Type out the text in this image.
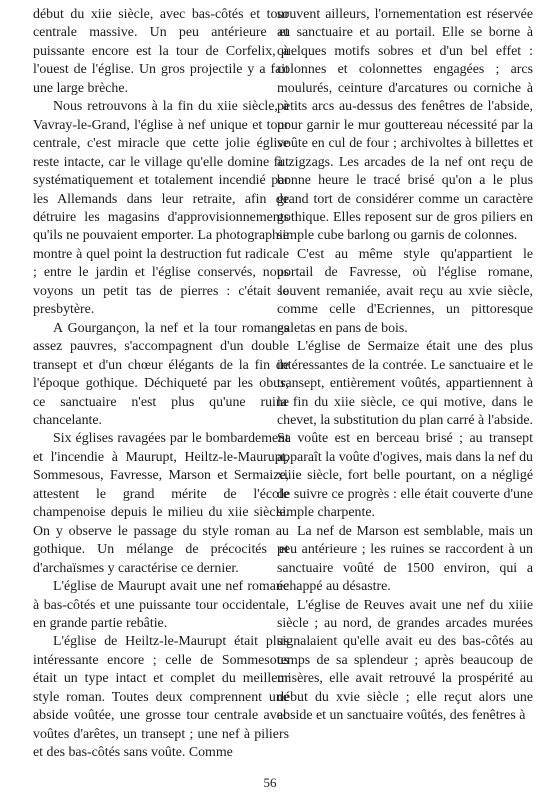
début du xiie siècle, avec bas-côtés et tour centrale massive. Un peu antérieure et puissante encore est la tour de Corfelix, à l'ouest de l'église. Un gros projectile y a fait une large brèche.

Nous retrouvons à la fin du xiie siècle, à Vavray-le-Grand, l'église à nef unique et tour centrale, c'est miracle que cette jolie église reste intacte, car le village qu'elle domine fut systématiquement et totalement incendié par les Allemands dans leur retraite, afin de détruire les magasins d'approvisionnements qu'ils ne pouvaient emporter. La photographie montre à quel point la destruction fut radicale ; entre le jardin et l'église conservés, nous voyons un petit tas de pierres : c'était le presbytère.

A Gourgançon, la nef et la tour romanes assez pauvres, s'accompagnent d'un double transept et d'un chœur élégants de la fin de l'époque gothique. Déchiqueté par les obus, ce sanctuaire n'est plus qu'une ruine chancelante.

Six églises ravagées par le bombardement et l'incendie à Maurupt, Heiltz-le-Maurupt, Sommesous, Favresse, Marson et Sermaize, attestent le grand mérite de l'école champenoise depuis le milieu du xiie siècle. On y observe le passage du style roman au gothique. Un mélange de précocités et d'archaïsmes y caractérise ce dernier.

L'église de Maurupt avait une nef romane à bas-côtés et une puissante tour occidentale, en grande partie rebâtie.

L'église de Heiltz-le-Maurupt était plus intéressante encore ; celle de Sommesous était un type intact et complet du meilleur style roman. Toutes deux comprennent une abside voûtée, une grosse tour centrale avec voûtes d'arêtes, un transept ; une nef à piliers et des bas-côtés sans voûte. Comme

souvent ailleurs, l'ornementation est réservée au sanctuaire et au portail. Elle se borne à quelques motifs sobres et d'un bel effet : colonnes et colonnettes engagées ; arcs moulurés, ceinture d'arcatures ou corniche à petits arcs au-dessus des fenêtres de l'abside, pour garnir le mur gouttereau nécessité par la voûte en cul de four ; archivoltes à billettes et à zigzags. Les arcades de la nef ont reçu de bonne heure le tracé brisé qu'on a le plus grand tort de considérer comme un caractère gothique. Elles reposent sur de gros piliers en simple cube barlong ou garnis de colonnes.

C'est au même style qu'appartient le portail de Favresse, où l'église romane, souvent remaniée, avait reçu au xvie siècle, comme celle d'Ecriennes, un pittoresque galetas en pans de bois.

L'église de Sermaize était une des plus intéressantes de la contrée. Le sanctuaire et le transept, entièrement voûtés, appartiennent à la fin du xiie siècle, ce qui motive, dans le chevet, la substitution du plan carré à l'abside. Sa voûte est en berceau brisé ; au transept apparaît la voûte d'ogives, mais dans la nef du xiiie siècle, fort belle pourtant, on a négligé de suivre ce progrès : elle était couverte d'une simple charpente.

La nef de Marson est semblable, mais un peu antérieure ; les ruines se raccordent à un sanctuaire voûté de 1500 environ, qui a échappé au désastre.

L'église de Reuves avait une nef du xiiie siècle ; au nord, de grandes arcades murées signalaient qu'elle avait eu des bas-côtés au temps de sa splendeur ; après beaucoup de misères, elle avait retrouvé la prospérité au début du xvie siècle ; elle reçut alors une abside et un sanctuaire voûtés, des fenêtres à

56
